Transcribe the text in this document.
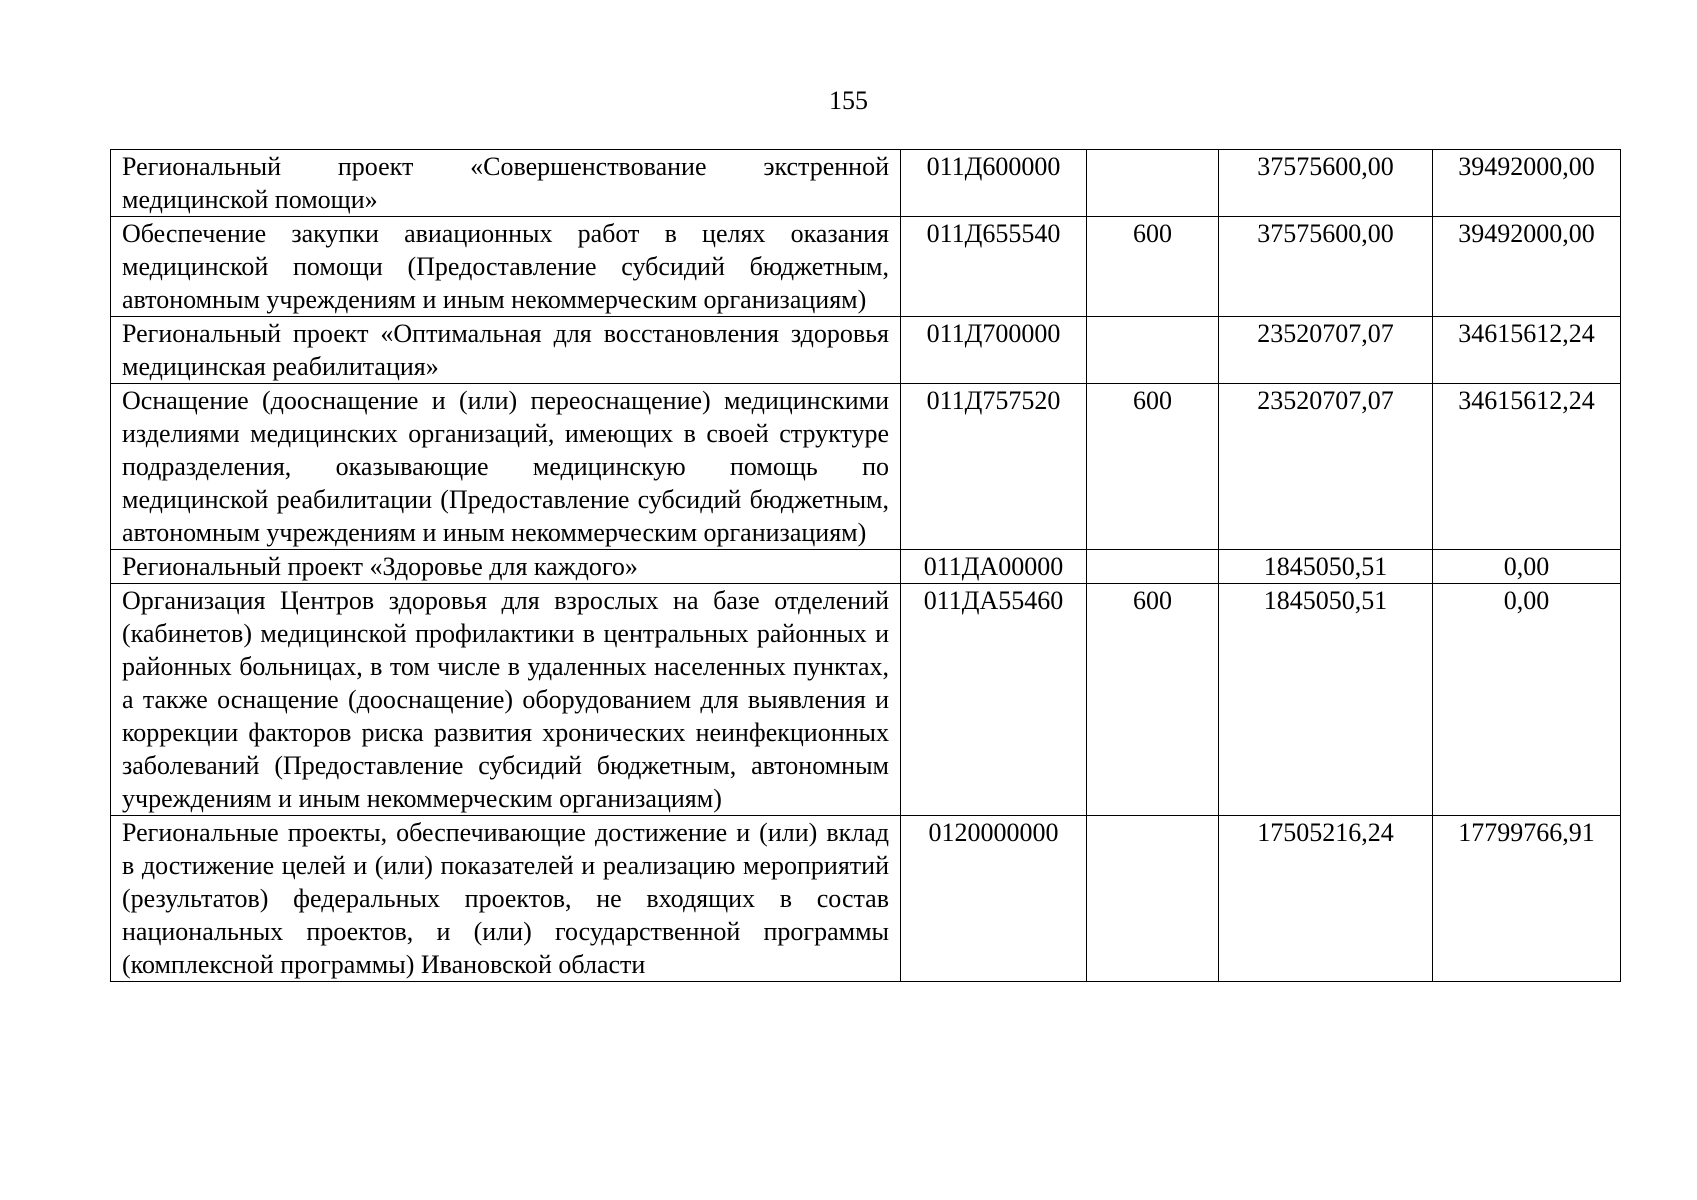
155
Региональный проект «Совершенствование экстренной медицинской помощи»	011Д600000		37575600,00	39492000,00
Обеспечение закупки авиационных работ в целях оказания медицинской помощи (Предоставление субсидий бюджетным, автономным учреждениям и иным некоммерческим организациям)	011Д655540	600	37575600,00	39492000,00
Региональный проект «Оптимальная для восстановления здоровья медицинская реабилитация»	011Д700000		23520707,07	34615612,24
Оснащение (дооснащение и (или) переоснащение) медицинскими изделиями медицинских организаций, имеющих в своей структуре подразделения, оказывающие медицинскую помощь по медицинской реабилитации (Предоставление субсидий бюджетным, автономным учреждениям и иным некоммерческим организациям)	011Д757520	600	23520707,07	34615612,24
Региональный проект «Здоровье для каждого»	011ДА00000		1845050,51	0,00
Организация Центров здоровья для взрослых на базе отделений (кабинетов) медицинской профилактики в центральных районных и районных больницах, в том числе в удаленных населенных пунктах, а также оснащение (дооснащение) оборудованием для выявления и коррекции факторов риска развития хронических неинфекционных заболеваний (Предоставление субсидий бюджетным, автономным учреждениям и иным некоммерческим организациям)	011ДА55460	600	1845050,51	0,00
Региональные проекты, обеспечивающие достижение и (или) вклад в достижение целей и (или) показателей и реализацию мероприятий (результатов) федеральных проектов, не входящих в состав национальных проектов, и (или) государственной программы (комплексной программы) Ивановской области	0120000000		17505216,24	17799766,91
